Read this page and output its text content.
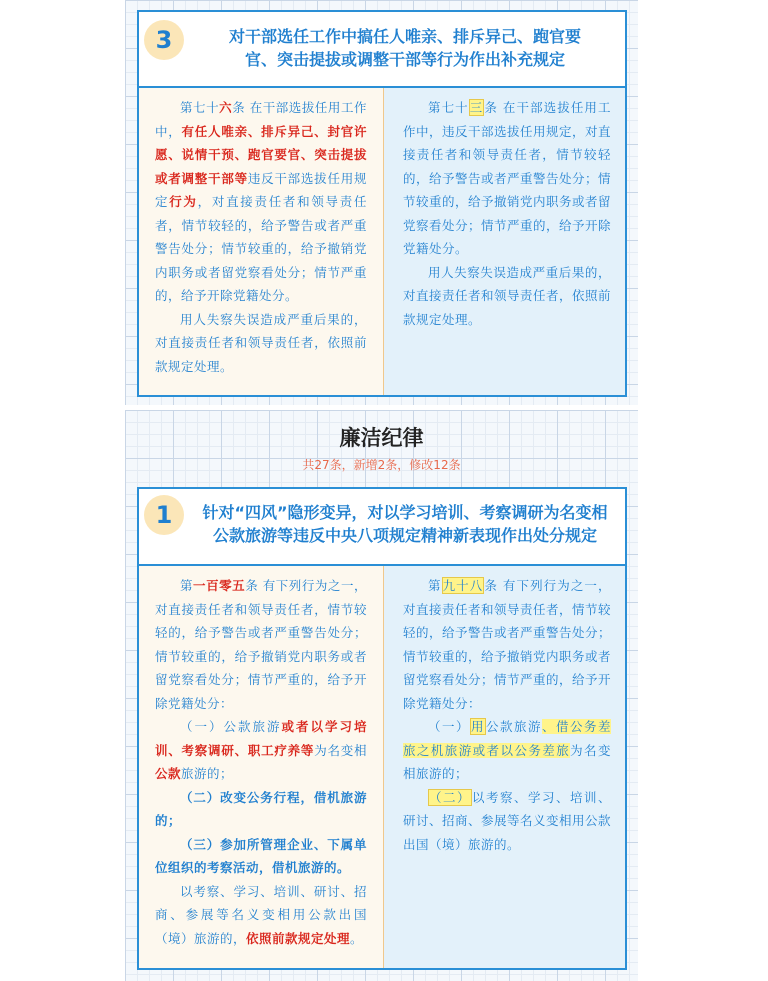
3	对干部选任工作中搞任人唯亲、排斥异己、跑官要
官、突击提拔或调整干部等行为作出补充规定

第七十六条 在干部选拔任用工作中，有任人唯亲、排斥异己、封官许愿、说情干预、跑官要官、突击提拔或者调整干部等违反干部选拔任用规定行为，对直接责任者和领导责任者，情节较轻的，给予警告或者严重警告处分；情节较重的，给予撤销党内职务或者留党察看处分；情节严重的，给予开除党籍处分。

用人失察失误造成严重后果的，对直接责任者和领导责任者，依照前款规定处理。

第七十三条 在干部选拔任用工作中，违反干部选拔任用规定，对直接责任者和领导责任者，情节较轻的，给予警告或者严重警告处分；情节较重的，给予撤销党内职务或者留党察看处分；情节严重的，给予开除党籍处分。

用人失察失误造成严重后果的，对直接责任者和领导责任者，依照前款规定处理。

廉洁纪律
共27条，新增2条，修改12条
1	针对“四风”隐形变异，对以学习培训、考察调研为名变相
公款旅游等违反中央八项规定精神新表现作出处分规定

第一百零五条 有下列行为之一，对直接责任者和领导责任者，情节较轻的，给予警告或者严重警告处分；情节较重的，给予撤销党内职务或者留党察看处分；情节严重的，给予开除党籍处分：

（一）公款旅游或者以学习培训、考察调研、职工疗养等为名变相公款旅游的；

（二）改变公务行程，借机旅游的；

（三）参加所管理企业、下属单位组织的考察活动，借机旅游的。

以考察、学习、培训、研讨、招商、参展等名义变相用公款出国（境）旅游的，依照前款规定处理。

第九十八条 有下列行为之一，对直接责任者和领导责任者，情节较轻的，给予警告或者严重警告处分；情节较重的，给予撤销党内职务或者留党察看处分；情节严重的，给予开除党籍处分：

（一）用公款旅游、借公务差旅之机旅游或者以公务差旅为名变相旅游的；

（二）以考察、学习、培训、研讨、招商、参展等名义变相用公款出国（境）旅游的。
